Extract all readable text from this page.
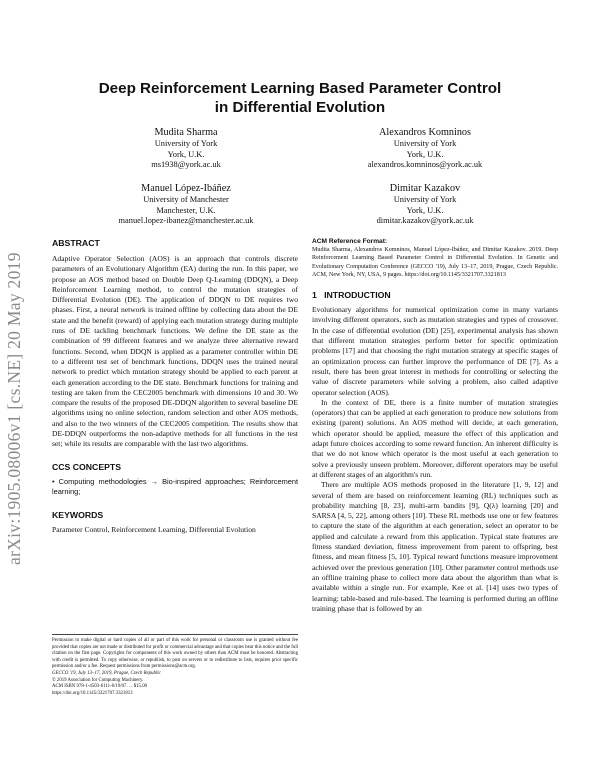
arXiv:1905.08006v1 [cs.NE] 20 May 2019
Deep Reinforcement Learning Based Parameter Control
in Differential Evolution
Mudita Sharma
University of York
York, U.K.
ms1938@york.ac.uk
Alexandros Komninos
University of York
York, U.K.
alexandros.komninos@york.ac.uk
Manuel López-Ibáñez
University of Manchester
Manchester, U.K.
manuel.lopez-ibanez@manchester.ac.uk
Dimitar Kazakov
University of York
York, U.K.
dimitar.kazakov@york.ac.uk
ABSTRACT

Adaptive Operator Selection (AOS) is an approach that controls discrete parameters of an Evolutionary Algorithm (EA) during the run. In this paper, we propose an AOS method based on Double Deep Q-Learning (DDQN), a Deep Reinforcement Learning method, to control the mutation strategies of Differential Evolution (DE). The application of DDQN to DE requires two phases. First, a neural network is trained offline by collecting data about the DE state and the benefit (reward) of applying each mutation strategy during multiple runs of DE tackling benchmark functions. We define the DE state as the combination of 99 different features and we analyze three alternative reward functions. Second, when DDQN is applied as a parameter controller within DE to a different test set of benchmark functions, DDQN uses the trained neural network to predict which mutation strategy should be applied to each parent at each generation according to the DE state. Benchmark functions for training and testing are taken from the CEC2005 benchmark with dimensions 10 and 30. We compare the results of the proposed DE-DDQN algorithm to several baseline DE algorithms using no online selection, random selection and other AOS methods, and also to the two winners of the CEC2005 competition. The results show that DE-DDQN outperforms the non-adaptive methods for all functions in the test set; while its results are comparable with the last two algorithms.

CCS CONCEPTS

• Computing methodologies → Bio-inspired approaches; Reinforcement learning;

KEYWORDS

Parameter Control, Reinforcement Learning, Differential Evolution

Permission to make digital or hard copies of all or part of this work for personal or classroom use is granted without fee provided that copies are not made or distributed for profit or commercial advantage and that copies bear this notice and the full citation on the first page. Copyrights for components of this work owned by others than ACM must be honored. Abstracting with credit is permitted. To copy otherwise, or republish, to post on servers or to redistribute to lists, requires prior specific permission and/or a fee. Request permissions from permissions@acm.org.
GECCO '19, July 13–17, 2019, Prague, Czech Republic
© 2019 Association for Computing Machinery.
ACM ISBN 978-1-4503-6111-8/19/07. . . $15.00
https://doi.org/10.1145/3321707.3321813

ACM Reference Format:

Mudita Sharma, Alexandros Komninos, Manuel López-Ibáñez, and Dimitar Kazakov. 2019. Deep Reinforcement Learning Based Parameter Control in Differential Evolution. In Genetic and Evolutionary Computation Conference (GECCO '19), July 13–17, 2019, Prague, Czech Republic. ACM, New York, NY, USA, 9 pages. https://doi.org/10.1145/3321707.3321813

1   INTRODUCTION

Evolutionary algorithms for numerical optimization come in many variants involving different operators, such as mutation strategies and types of crossover. In the case of differential evolution (DE) [25], experimental analysis has shown that different mutation strategies perform better for specific optimization problems [17] and that choosing the right mutation strategy at specific stages of an optimization process can further improve the performance of DE [7]. As a result, there has been great interest in methods for controlling or selecting the value of discrete parameters while solving a problem, also called adaptive operator selection (AOS).

In the context of DE, there is a finite number of mutation strategies (operators) that can be applied at each generation to produce new solutions from existing (parent) solutions. An AOS method will decide, at each generation, which operator should be applied, measure the effect of this application and adapt future choices according to some reward function. An inherent difficulty is that we do not know which operator is the most useful at each generation to solve a previously unseen problem. Moreover, different operators may be useful at different stages of an algorithm's run.

There are multiple AOS methods proposed in the literature [1, 9, 12] and several of them are based on reinforcement learning (RL) techniques such as probability matching [8, 23], multi-arm bandits [9], Q(λ) learning [20] and SARSA [4, 5, 22], among others [10]. These RL methods use one or few features to capture the state of the algorithm at each generation, select an operator to be applied and calculate a reward from this application. Typical state features are fitness standard deviation, fitness improvement from parent to offspring, best fitness, and mean fitness [5, 10]. Typical reward functions measure improvement achieved over the previous generation [10]. Other parameter control methods use an offline training phase to collect more data about the algorithm than what is available within a single run. For example, Kee et al. [14] uses two types of learning: table-based and rule-based. The learning is performed during an offline training phase that is followed by an
